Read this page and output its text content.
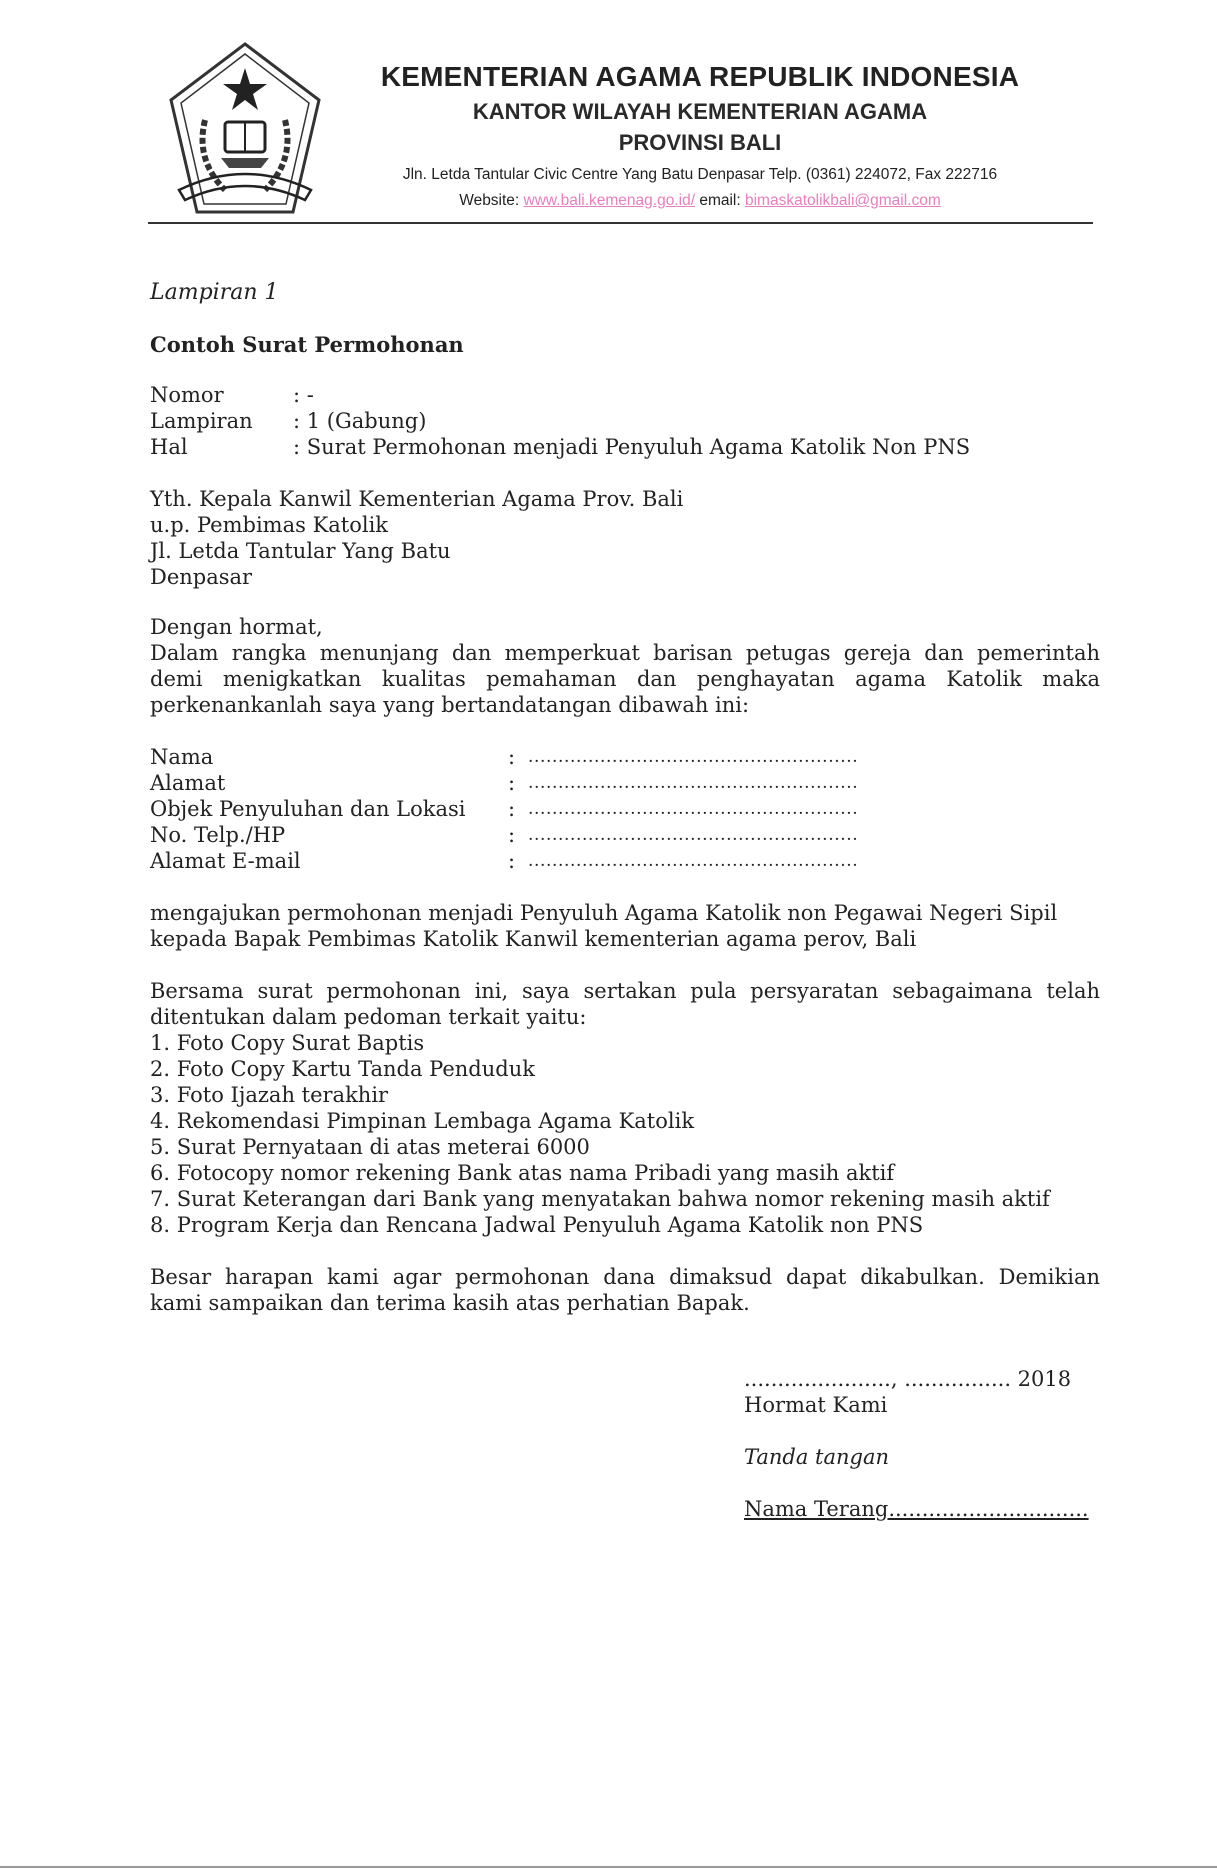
KEMENTERIAN AGAMA REPUBLIK INDONESIA
KANTOR WILAYAH KEMENTERIAN AGAMA
PROVINSI BALI
Jln. Letda Tantular Civic Centre Yang Batu Denpasar Telp. (0361) 224072, Fax 222716
Website: www.bali.kemenag.go.id/ email: bimaskatolikbali@gmail.com
Lampiran 1
Contoh Surat Permohonan
Nomor	: -
Lampiran : 1 (Gabung)
Hal	: Surat Permohonan menjadi Penyuluh Agama Katolik Non PNS
Yth. Kepala Kanwil Kementerian Agama Prov. Bali
u.p. Pembimas Katolik
Jl. Letda Tantular Yang Batu
Denpasar
Dengan hormat,
Dalam rangka menunjang dan memperkuat barisan petugas gereja dan pemerintah
demi menigkatkan kualitas pemahaman dan penghayatan agama Katolik maka
perkenankanlah saya yang bertandatangan dibawah ini:
Nama	: .......................................................
Alamat	: .......................................................
Objek Penyuluhan dan Lokasi : .......................................................
No. Telp./HP	: .......................................................
Alamat E-mail	: .......................................................
mengajukan permohonan menjadi Penyuluh Agama Katolik non Pegawai Negeri Sipil
kepada Bapak Pembimas Katolik Kanwil kementerian agama perov, Bali
Bersama surat permohonan ini, saya sertakan pula persyaratan sebagaimana telah
ditentukan dalam pedoman terkait yaitu:
1. Foto Copy Surat Baptis
2. Foto Copy Kartu Tanda Penduduk
3. Foto Ijazah terakhir
4. Rekomendasi Pimpinan Lembaga Agama Katolik
5. Surat Pernyataan di atas meterai 6000
6. Fotocopy nomor rekening Bank atas nama Pribadi yang masih aktif
7. Surat Keterangan dari Bank yang menyatakan bahwa nomor rekening masih aktif
8. Program Kerja dan Rencana Jadwal Penyuluh Agama Katolik non PNS
Besar harapan kami agar permohonan dana dimaksud dapat dikabulkan. Demikian
kami sampaikan dan terima kasih atas perhatian Bapak.
......................, ................ 2018
Hormat Kami
Tanda tangan
Nama Terang..............................
